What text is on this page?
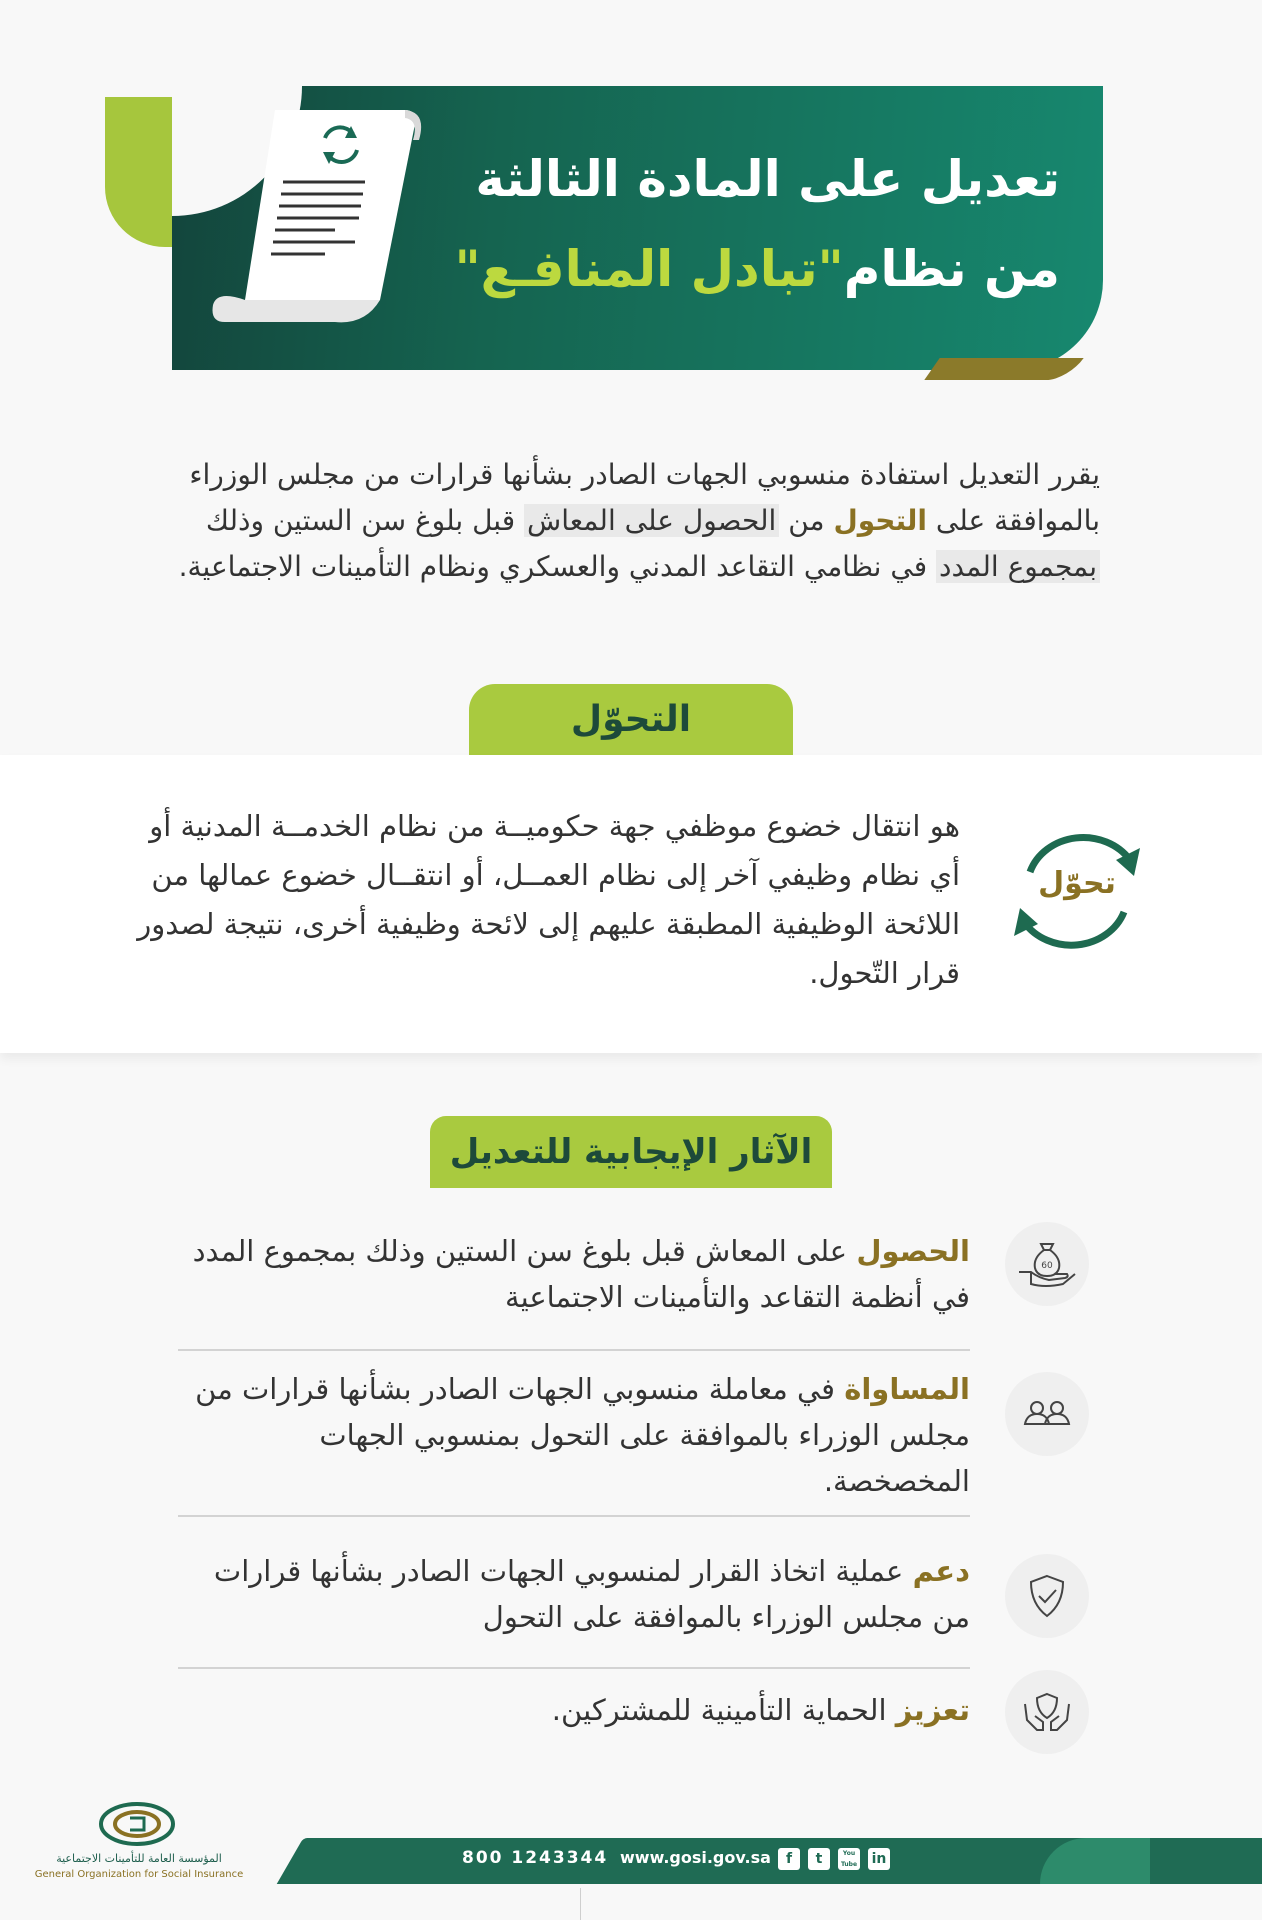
تعديل على المادة الثالثة
من نظام"تبادل المنافـع"
يقرر التعديل استفادة منسوبي الجهات الصادر بشأنها قرارات من مجلس الوزراء بالموافقة على التحول من الحصول على المعاش قبل بلوغ سن الستين وذلك بمجموع المدد في نظامي التقاعد المدني والعسكري ونظام التأمينات الاجتماعية.
التحوّل
هو انتقال خضوع موظفي جهة حكوميــة من نظام الخدمــة المدنية أو أي نظام وظيفي آخر إلى نظام العمــل، أو انتقــال خضوع عمالها من اللائحة الوظيفية المطبقة عليهم إلى لائحة وظيفية أخرى، نتيجة لصدور قرار التّحول.
تحوّل
الآثار الإيجابية للتعديل
الحصول على المعاش قبل بلوغ سن الستين وذلك بمجموع المدد في أنظمة التقاعد والتأمينات الاجتماعية
60
المساواة في معاملة منسوبي الجهات الصادر بشأنها قرارات من مجلس الوزراء بالموافقة على التحول بمنسوبي الجهات المخصخصة.
دعم عملية اتخاذ القرار لمنسوبي الجهات الصادر بشأنها قرارات من مجلس الوزراء بالموافقة على التحول
تعزيز الحماية التأمينية للمشتركين.
المؤسسة العامة للتأمينات الاجتماعية
General Organization for Social Insurance
800 1243344 www.gosi.gov.sa	f	t	You Tube in
